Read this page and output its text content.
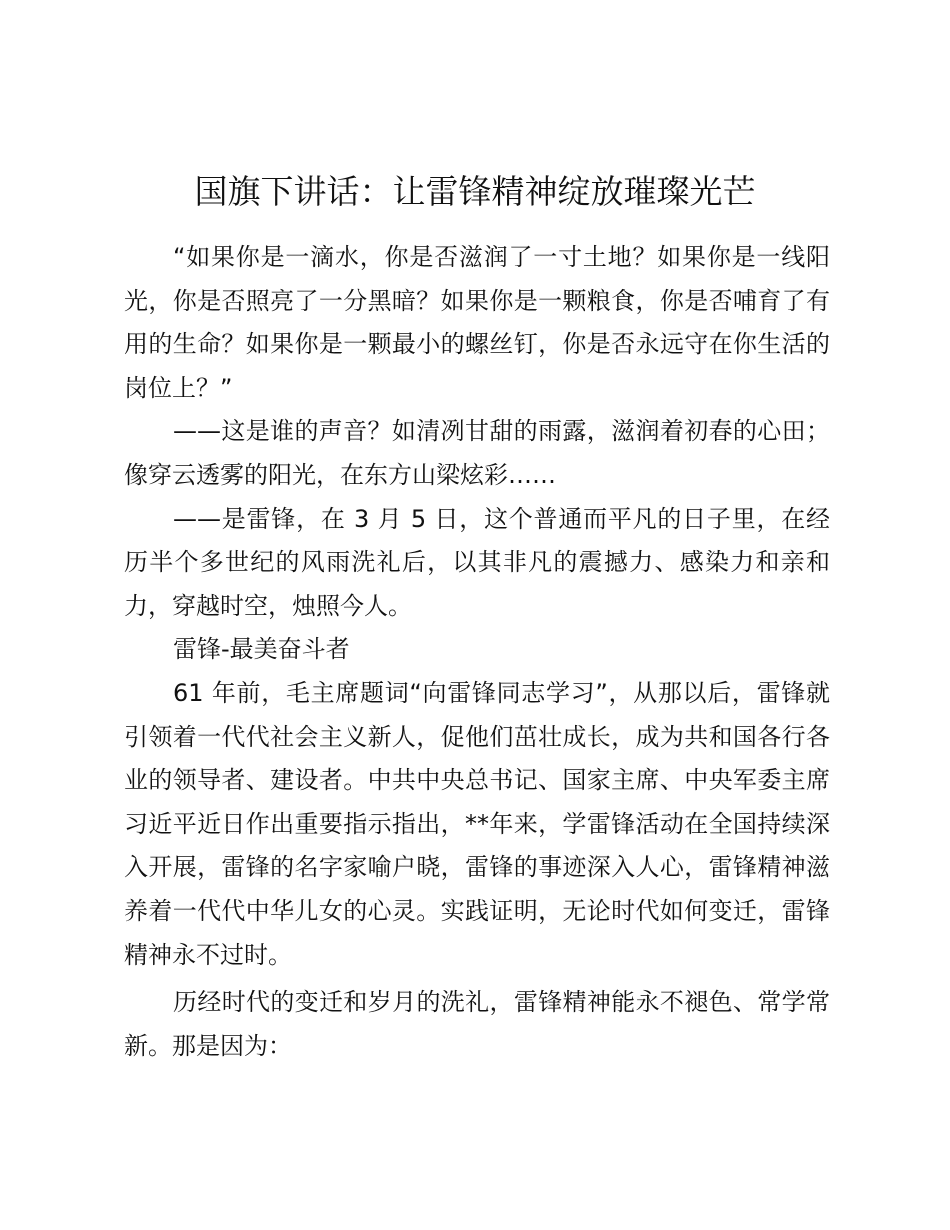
国旗下讲话：让雷锋精神绽放璀璨光芒

“如果你是一滴水，你是否滋润了一寸土地？如果你是一线阳光，你是否照亮了一分黑暗？如果你是一颗粮食，你是否哺育了有用的生命？如果你是一颗最小的螺丝钉，你是否永远守在你生活的岗位上？”

——这是谁的声音？如清冽甘甜的雨露，滋润着初春的心田；像穿云透雾的阳光，在东方山梁炫彩……

——是雷锋，在 3 月 5 日，这个普通而平凡的日子里，在经历半个多世纪的风雨洗礼后，以其非凡的震撼力、感染力和亲和力，穿越时空，烛照今人。

雷锋-最美奋斗者

61 年前，毛主席题词“向雷锋同志学习”，从那以后，雷锋就引领着一代代社会主义新人，促他们茁壮成长，成为共和国各行各业的领导者、建设者。中共中央总书记、国家主席、中央军委主席习近平近日作出重要指示指出，**年来，学雷锋活动在全国持续深入开展，雷锋的名字家喻户晓，雷锋的事迹深入人心，雷锋精神滋养着一代代中华儿女的心灵。实践证明，无论时代如何变迁，雷锋精神永不过时。

历经时代的变迁和岁月的洗礼，雷锋精神能永不褪色、常学常新。那是因为：
